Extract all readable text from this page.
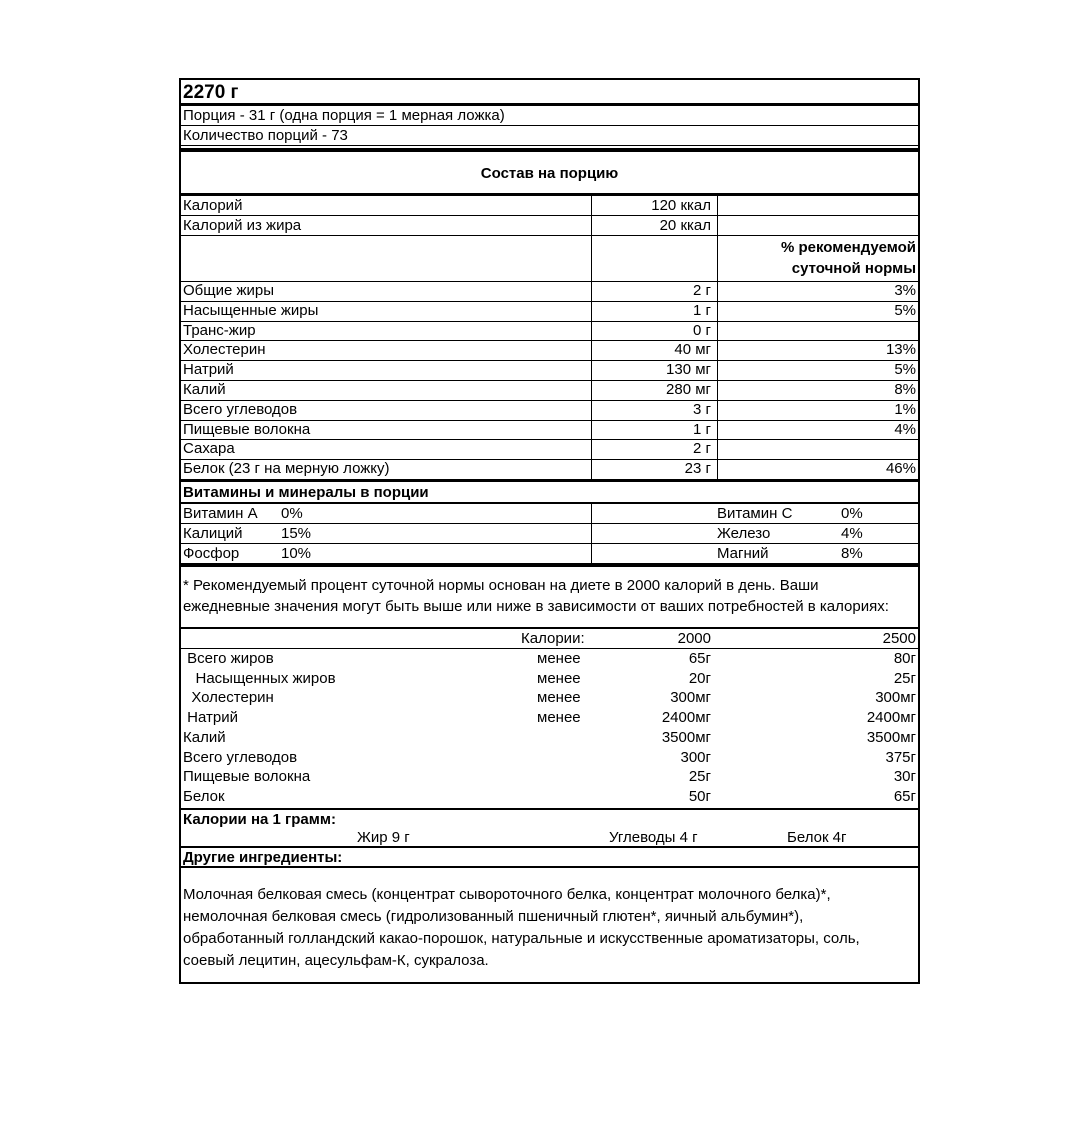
2270 г
Порция - 31 г (одна порция = 1 мерная ложка)
Количество порций - 73
Состав на порцию
Калорий	120 ккал
Калорий из жира	20 ккал
% рекомендуемой
суточной нормы
Общие жиры	2 г	3%
Насыщенные жиры	1 г	5%
Транс-жир	0 г
Холестерин	40 мг	13%
Натрий	130 мг	5%
Калий	280 мг	8%
Всего углеводов	3 г	1%
Пищевые волокна	1 г	4%
Сахара	2 г
Белок (23 г на мерную ложку)	23 г	46%
Витамины и минералы в порции
Витамин А 0%	Витамин С	0%
Калиций	15%	Железо	4%
Фосфор	10%	Магний	8%
* Рекомендуемый процент суточной нормы основан на диете в 2000 калорий в день. Ваши
ежедневные значения могут быть выше или ниже в зависимости от ваших потребностей в калориях:
Калории:	2000	2500
Всего жиров	менее	65г	80г
Насыщенных жиров	менее	20г	25г
Холестерин	менее	300мг	300мг
Натрий	менее	2400мг	2400мг
Калий	3500мг	3500мг
Всего углеводов	300г	375г
Пищевые волокна	25г	30г
Белок	50г	65г
Калории на 1 грамм:
Жир 9 г	Углеводы 4 г	Белок 4г
Другие ингредиенты:
Молочная белковая смесь (концентрат сывороточного белка, концентрат молочного белка)*,
немолочная белковая смесь (гидролизованный пшеничный глютен*, яичный альбумин*),
обработанный голландский какао-порошок, натуральные и искусственные ароматизаторы, соль,
соевый лецитин, ацесульфам-К, сукралоза.
